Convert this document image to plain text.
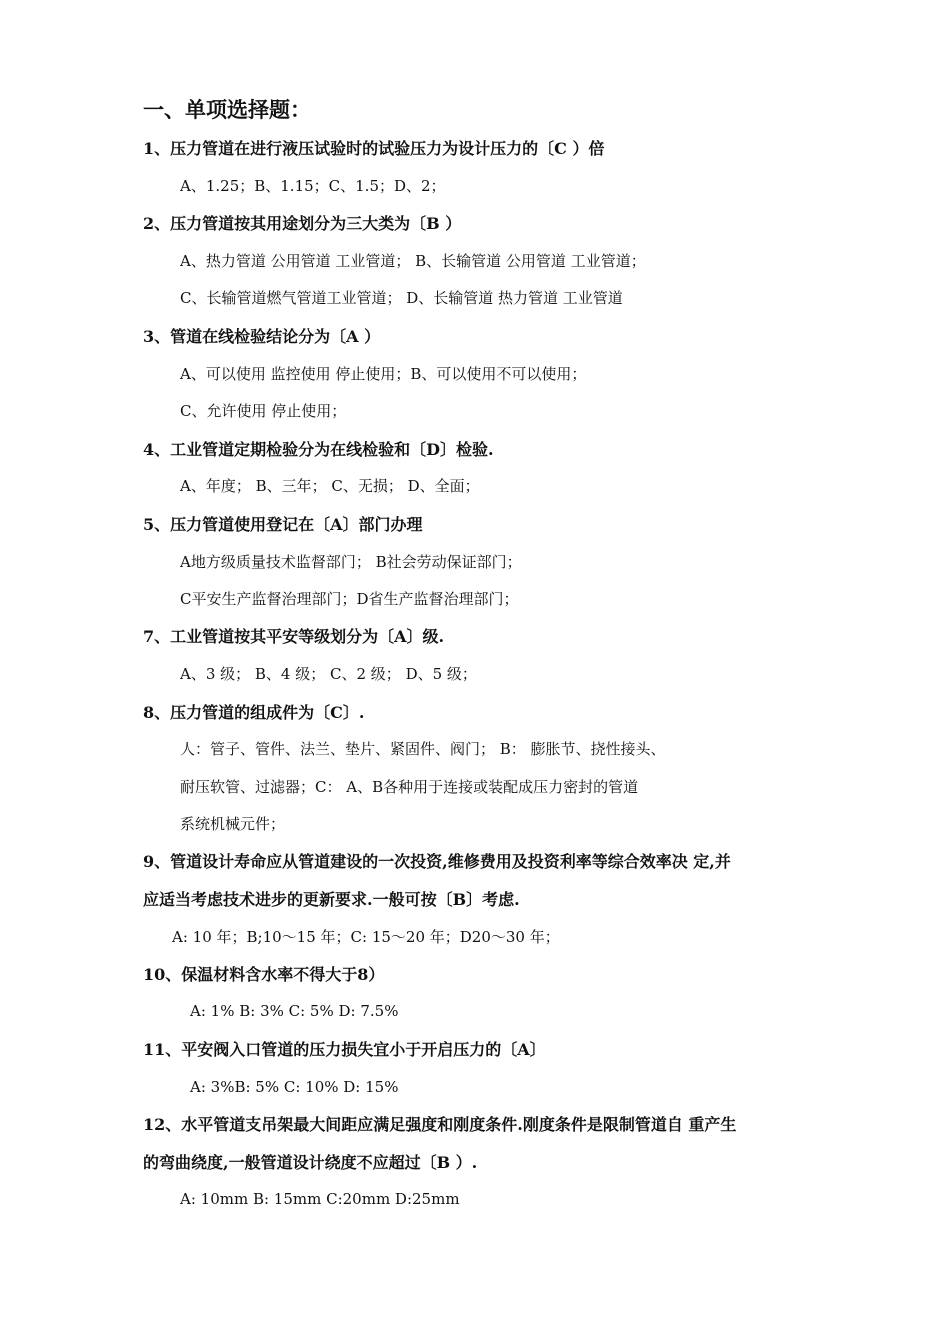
一、单项选择题：
1、压力管道在进行液压试验时的试验压力为设计压力的〔C ）倍
A、1.25；B、1.15；C、1.5；D、2；
2、压力管道按其用途划分为三大类为〔B ）
A、热力管道 公用管道 工业管道； B、长输管道 公用管道 工业管道；
C、长输管道燃气管道工业管道； D、长输管道 热力管道 工业管道
3、管道在线检验结论分为〔A ）
A、可以使用 监控使用 停止使用；B、可以使用不可以使用；
C、允许使用 停止使用；
4、工业管道定期检验分为在线检验和〔D〕检验.
A、年度； B、三年； C、无损； D、全面；
5、压力管道使用登记在〔A〕部门办理
A地方级质量技术监督部门； B社会劳动保证部门；
C平安生产监督治理部门；D省生产监督治理部门；
7、工业管道按其平安等级划分为〔A〕级.
A、3 级； B、4 级； C、2 级； D、5 级；
8、压力管道的组成件为〔C〕.
人：管子、管件、法兰、垫片、紧固件、阀门； B： 膨胀节、挠性接头、
耐压软管、过滤器；C： A、B各种用于连接或装配成压力密封的管道
系统机械元件；
9、管道设计寿命应从管道建设的一次投资,维修费用及投资利率等综合效率决 定,并
应适当考虑技术进步的更新要求.一般可按〔B〕考虑.
A: 10 年；B;10〜15 年；C: 15〜20 年；D20〜30 年；
10、保温材料含水率不得大于8）
A: 1% B: 3% C: 5% D: 7.5%
11、平安阀入口管道的压力损失宜小于开启压力的〔A〕
A: 3%B: 5% C: 10% D: 15%
12、水平管道支吊架最大间距应满足强度和刚度条件.刚度条件是限制管道自 重产生
的弯曲绕度,一般管道设计绕度不应超过〔B ）.
A: 10mm B: 15mm C:20mm D:25mm
